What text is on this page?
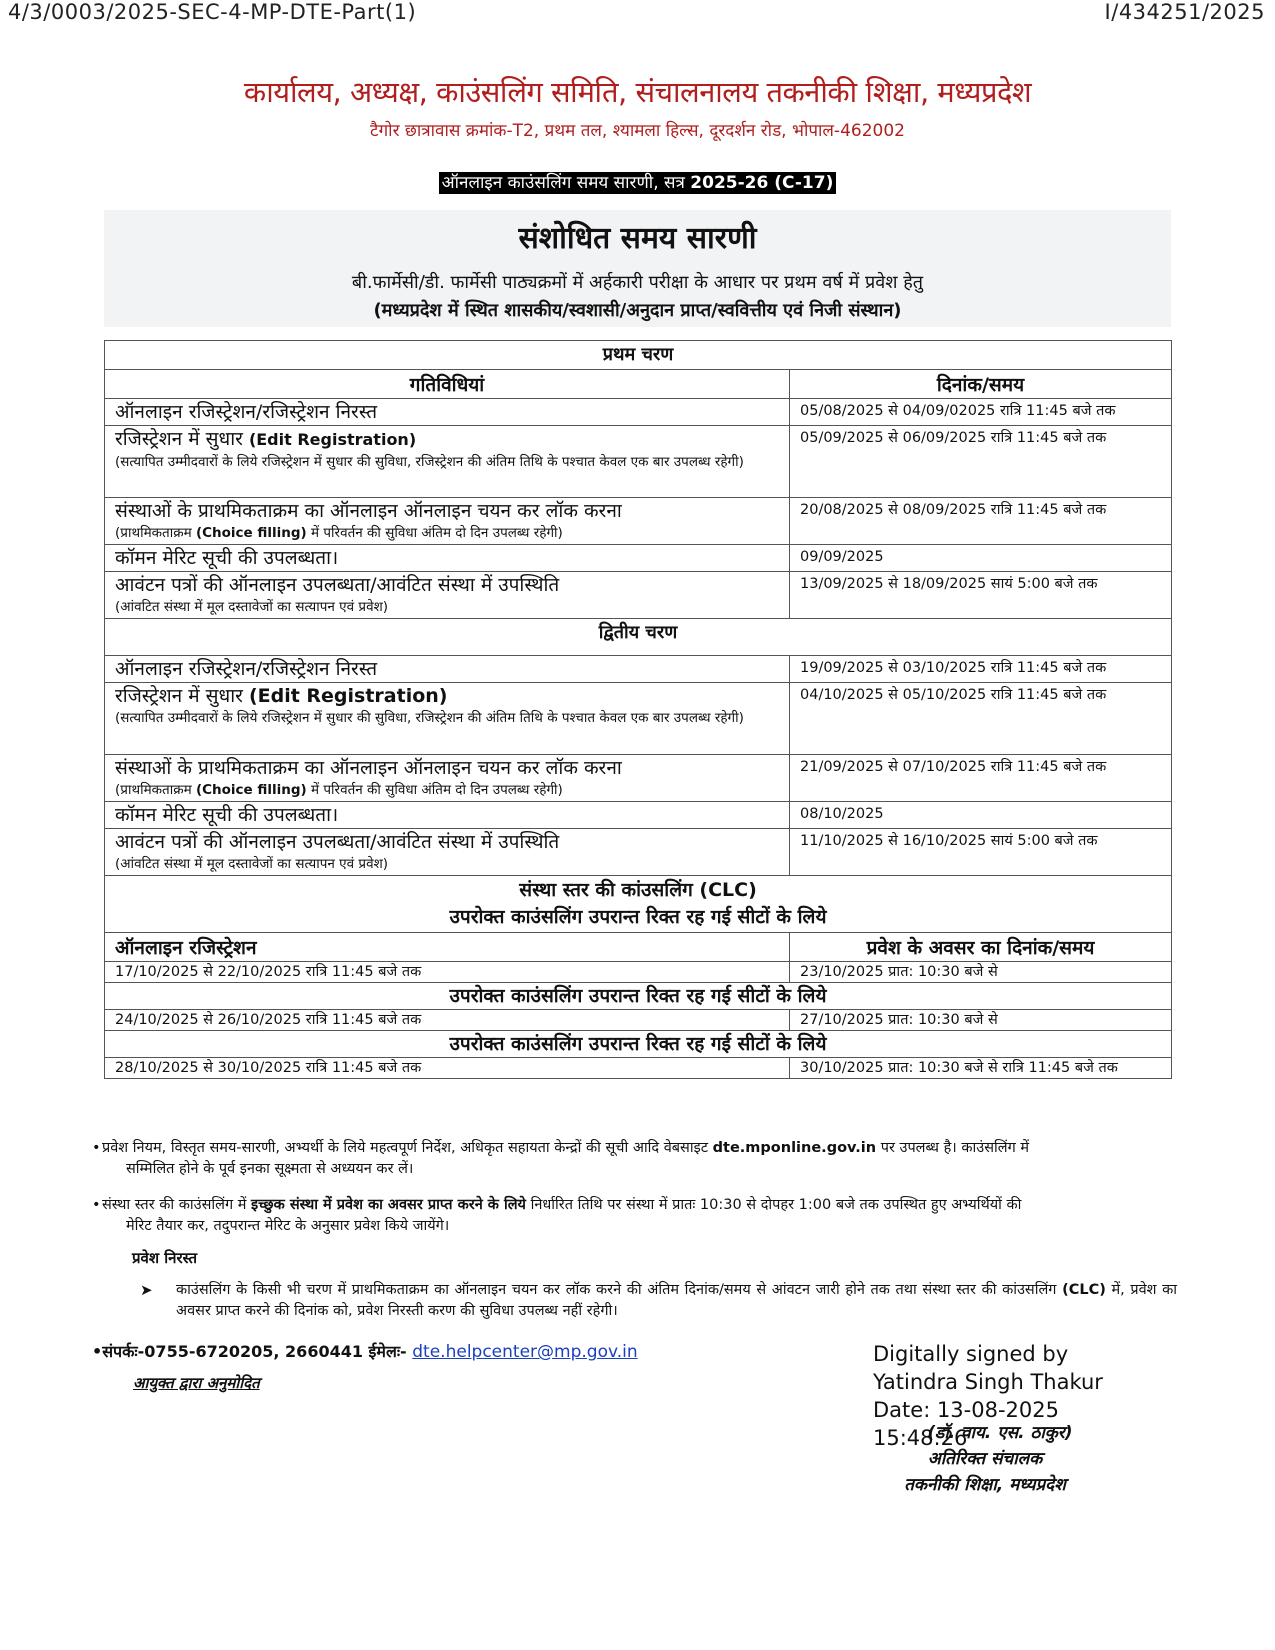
4/3/0003/2025-SEC-4-MP-DTE-Part(1)	I/434251/2025
कार्यालय, अध्यक्ष, काउंसलिंग समिति, संचालनालय तकनीकी शिक्षा, मध्यप्रदेश
टैगोर छात्रावास क्रमांक-T2, प्रथम तल, श्यामला हिल्स, दूरदर्शन रोड, भोपाल-462002
ऑनलाइन काउंसलिंग समय सारणी, सत्र 2025-26 (C-17)
संशोधित समय सारणी
बी.फार्मेसी/डी. फार्मेसी पाठ्यक्रमों में अर्हकारी परीक्षा के आधार पर प्रथम वर्ष में प्रवेश हेतु
(मध्यप्रदेश में स्थित शासकीय/स्वशासी/अनुदान प्राप्त/स्ववित्तीय एवं निजी संस्थान)
प्रथम चरण	
गतिविधियां	दिनांक/समय

ऑनलाइन रजिस्ट्रेशन/रजिस्ट्रेशन निरस्त	05/08/2025 से 04/09/02025 रात्रि 11:45 बजे तक

रजिस्ट्रेशन में सुधार (Edit Registration)
(सत्यापित उम्मीदवारों के लिये रजिस्ट्रेशन में सुधार की सुविधा, रजिस्ट्रेशन की अंतिम तिथि के पश्चात केवल एक बार उपलब्ध रहेगी)	05/09/2025 से 06/09/2025 रात्रि 11:45 बजे तक

संस्थाओं के प्राथमिकताक्रम का ऑनलाइन ऑनलाइन चयन कर लॉक करना
(प्राथमिकताक्रम (Choice filling) में परिवर्तन की सुविधा अंतिम दो दिन उपलब्ध रहेगी)	20/08/2025 से 08/09/2025 रात्रि 11:45 बजे तक

कॉमन मेरिट सूची की उपलब्धता।	09/09/2025

आवंटन पत्रों की ऑनलाइन उपलब्धता/आवंटित संस्था में उपस्थिति
(आंवटित संस्था में मूल दस्तावेजों का सत्यापन एवं प्रवेश)	13/09/2025 से 18/09/2025 सायं 5:00 बजे तक
द्वितीय चरण	

ऑनलाइन रजिस्ट्रेशन/रजिस्ट्रेशन निरस्त	19/09/2025 से 03/10/2025 रात्रि 11:45 बजे तक

रजिस्ट्रेशन में सुधार (Edit Registration)
(सत्यापित उम्मीदवारों के लिये रजिस्ट्रेशन में सुधार की सुविधा, रजिस्ट्रेशन की अंतिम तिथि के पश्चात केवल एक बार उपलब्ध रहेगी)	04/10/2025 से 05/10/2025 रात्रि 11:45 बजे तक

संस्थाओं के प्राथमिकताक्रम का ऑनलाइन ऑनलाइन चयन कर लॉक करना
(प्राथमिकताक्रम (Choice filling) में परिवर्तन की सुविधा अंतिम दो दिन उपलब्ध रहेगी)	21/09/2025 से 07/10/2025 रात्रि 11:45 बजे तक

कॉमन मेरिट सूची की उपलब्धता।	08/10/2025

आवंटन पत्रों की ऑनलाइन उपलब्धता/आवंटित संस्था में उपस्थिति
(आंवटित संस्था में मूल दस्तावेजों का सत्यापन एवं प्रवेश)	11/10/2025 से 16/10/2025 सायं 5:00 बजे तक

संस्था स्तर की कांउसलिंग (CLC)
उपरोक्त काउंसलिंग उपरान्त रिक्त रह गई सीटों के लिये	

ऑनलाइन रजिस्ट्रेशन	प्रवेश के अवसर का दिनांक/समय
17/10/2025 से 22/10/2025 रात्रि 11:45 बजे तक	23/10/2025 प्रात: 10:30 बजे से
उपरोक्त काउंसलिंग उपरान्त रिक्त रह गई सीटों के लिये	
24/10/2025 से 26/10/2025 रात्रि 11:45 बजे तक	27/10/2025 प्रात: 10:30 बजे से
उपरोक्त काउंसलिंग उपरान्त रिक्त रह गई सीटों के लिये	
28/10/2025 से 30/10/2025 रात्रि 11:45 बजे तक	30/10/2025 प्रात: 10:30 बजे से रात्रि 11:45 बजे तक
• प्रवेश नियम, विस्तृत समय-सारणी, अभ्यर्थी के लिये महत्वपूर्ण निर्देश, अधिकृत सहायता केन्द्रों की सूची आदि वेबसाइट dte.mponline.gov.in पर उपलब्ध है। काउंसलिंग में
सम्मिलित होने के पूर्व इनका सूक्ष्मता से अध्ययन कर लें।
• संस्था स्तर की काउंसलिंग में इच्छुक संस्था में प्रवेश का अवसर प्राप्त करने के लिये निर्धारित तिथि पर संस्था में प्रातः 10:30 से दोपहर 1:00 बजे तक उपस्थित हुए अभ्यर्थियों की
मेरिट तैयार कर, तदुपरान्त मेरिट के अनुसार प्रवेश किये जायेंगे।
प्रवेश निरस्त
➤ काउंसलिंग के किसी भी चरण में प्राथमिकताक्रम का ऑनलाइन चयन कर लॉक करने की अंतिम दिनांक/समय से आंवटन जारी होने तक तथा संस्था स्तर की कांउसलिंग (CLC) में, प्रवेश का अवसर प्राप्त करने की दिनांक को, प्रवेश निरस्ती करण की सुविधा उपलब्ध नहीं रहेगी।
•संपर्कः-0755-6720205, 2660441 ईमेलः- dte.helpcenter@mp.gov.in
आयुक्त द्वारा अनुमोदित
Digitally signed by
Yatindra Singh Thakur
Date: 13-08-2025
15:48:26
(डॉ. वाय. एस. ठाकुर)
अतिरिक्त संचालक
तकनीकी शिक्षा, मध्यप्रदेश
